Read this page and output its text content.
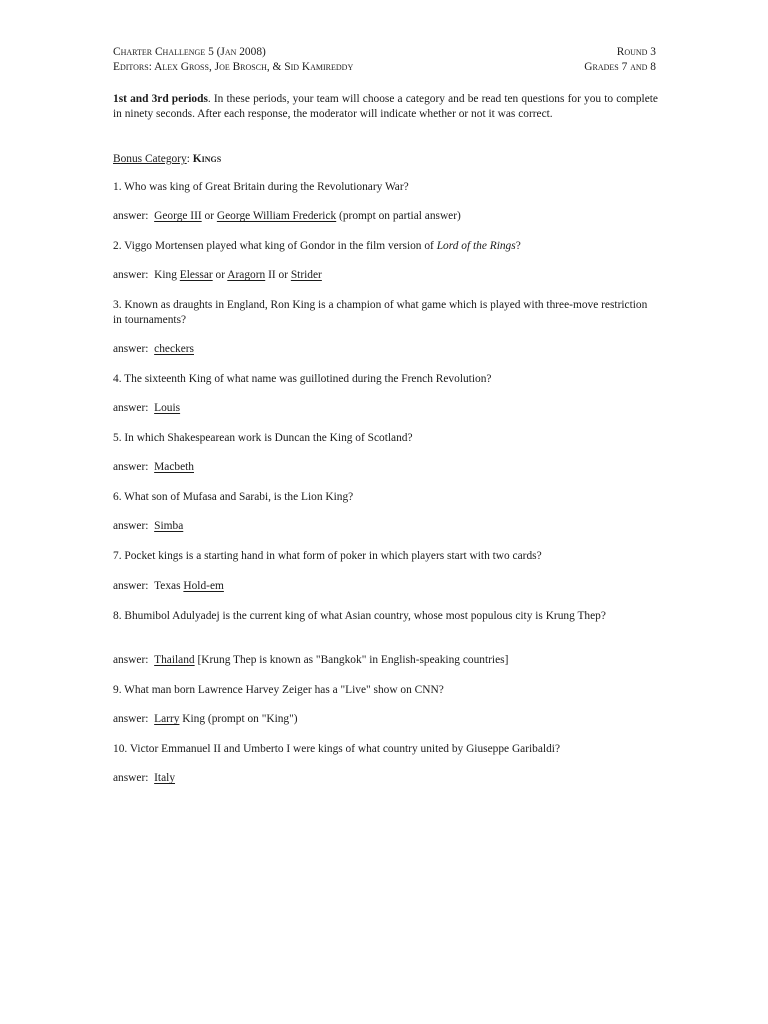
Charter Challenge 5 (Jan 2008)	Round 3
Editors: Alex Gross, Joe Brosch, & Sid Kamireddy	Grades 7 and 8
1st and 3rd periods. In these periods, your team will choose a category and be read ten questions for you to complete in ninety seconds. After each response, the moderator will indicate whether or not it was correct.
Bonus Category: Kings
1. Who was king of Great Britain during the Revolutionary War?
answer: George III or George William Frederick (prompt on partial answer)
2. Viggo Mortensen played what king of Gondor in the film version of Lord of the Rings?
answer: King Elessar or Aragorn II or Strider
3. Known as draughts in England, Ron King is a champion of what game which is played with three-move restriction in tournaments?
answer: checkers
4. The sixteenth King of what name was guillotined during the French Revolution?
answer: Louis
5. In which Shakespearean work is Duncan the King of Scotland?
answer: Macbeth
6. What son of Mufasa and Sarabi, is the Lion King?
answer: Simba
7. Pocket kings is a starting hand in what form of poker in which players start with two cards?
answer: Texas Hold-em
8. Bhumibol Adulyadej is the current king of what Asian country, whose most populous city is Krung Thep?
answer: Thailand [Krung Thep is known as "Bangkok" in English-speaking countries]
9. What man born Lawrence Harvey Zeiger has a "Live" show on CNN?
answer: Larry King (prompt on "King")
10. Victor Emmanuel II and Umberto I were kings of what country united by Giuseppe Garibaldi?
answer: Italy
